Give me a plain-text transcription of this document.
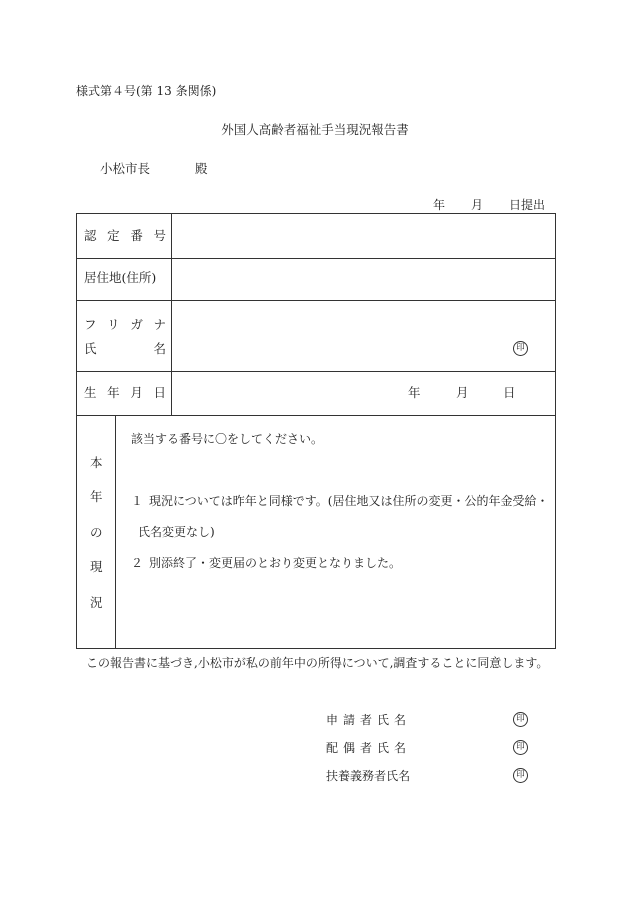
様式第４号(第 13 条関係)
外国人高齢者福祉手当現況報告書
小松市長	殿
年 月 日提出
認 定 番 号
居住地(住所)
フ リ ガ ナ
氏	名	印
生 年 月 日	年	月	日
本
年
の
現
況
該当する番号に〇をしてください。
１ 現況については昨年と同様です。(居住地又は住所の変更・公的年金受給・
氏名変更なし)
２ 別添終了・変更届のとおり変更となりました。
この報告書に基づき,小松市が私の前年中の所得について,調査することに同意します。
申 請 者 氏 名	印
配 偶 者 氏 名	印
扶 養 義 務 者 氏 名	印
